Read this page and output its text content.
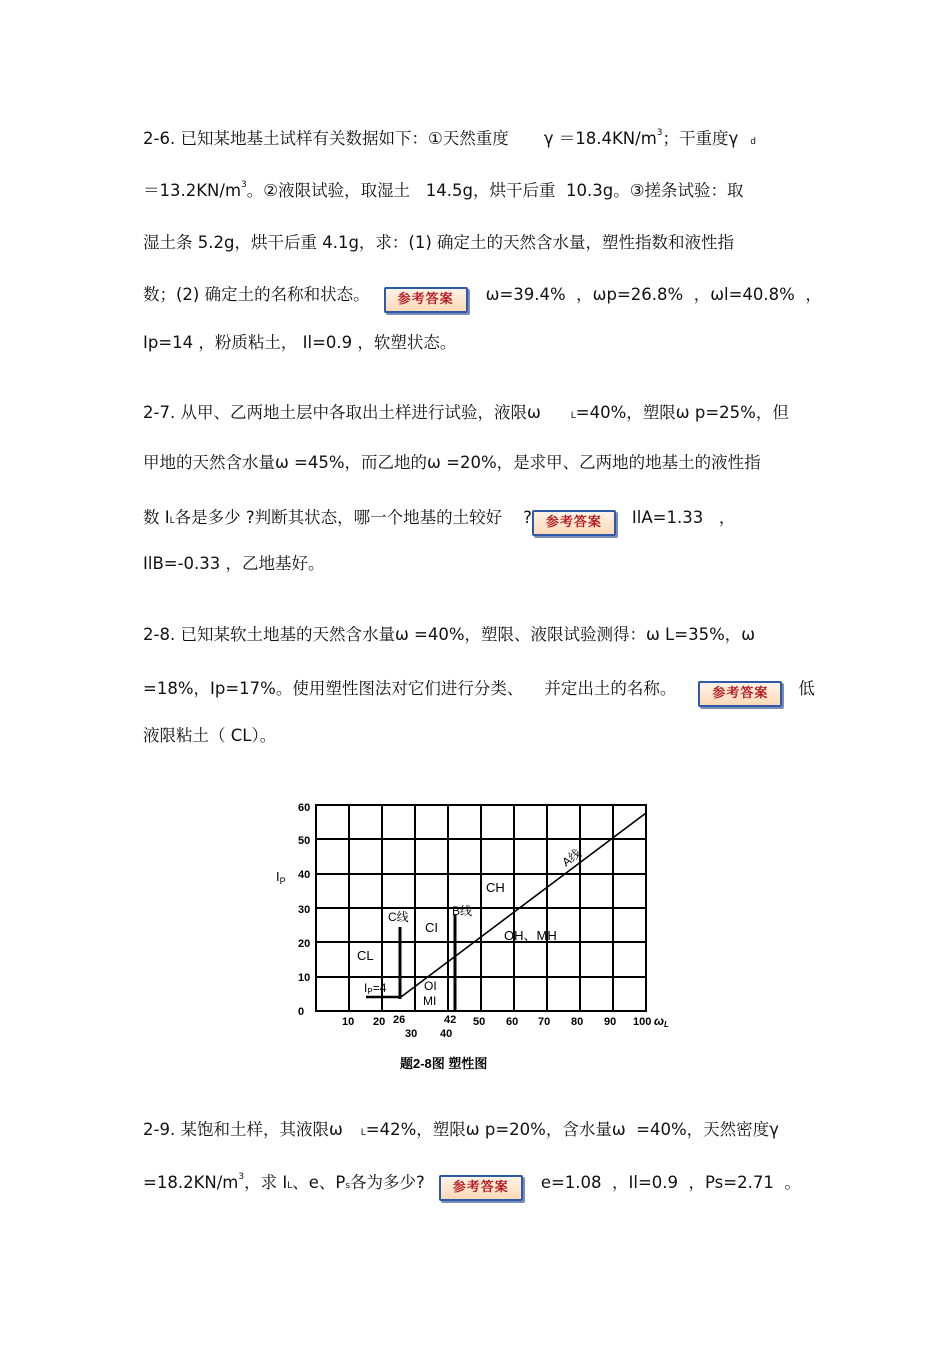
2-6. 已知某地基土试样有关数据如下：①天然重度 $\gamma =18.4KN/m^3$；干重度γ d
$=13.2KN/m^3$。②液限试验，取湿土   14.5g，烘干后重  10.3g。③搓条试验：取
湿土条 5.2g，烘干后重 4.1g，求：(1) 确定土的天然含水量，塑性指数和液性指
数；(2) 确定土的名称和状态。 参考答案 ω=39.4%  ，ωp=26.8%  ，ωl=40.8%  ，
Ip=14 ，粉质粘土， Il=0.9 ，软塑状态。
2-7. 从甲、乙两地土层中各取出土样进行试验，液限ω	L=40%，塑限ω p=25%，但
甲地的天然含水量ω =45%，而乙地的ω =20%，是求甲、乙两地的地基土的液性指
数 IL各是多少 ?判断其状态，哪一个地基的土较好    ? 参考答案 IlA=1.33   ，
IlB=-0.33 ，乙地基好。
2-8. 已知某软土地基的天然含水量ω =40%，塑限、液限试验测得：ω L=35%，ω
=18%，Ip=17%。使用塑性图法对它们进行分类、    并定出土的名称。	参考答案 低
液限粘土（ CL）。
60
50
40
30
20
10
0
10 20 26	42 50 60 70 80 90 100
30 40
$I_P$
ωL
A线
C线	B线
CH
CI
CL
OH、MH
OI
MI
IP=4
题2-8图 塑性图
2-9. 某饱和土样，其液限ω L=42%，塑限ω p=20%，含水量ω  =40%，天然密度γ
$=18.2KN/m^3$，求 IL、e、Ps各为多少? 参考答案 e=1.08  ，Il=0.9  ，Ps=2.71  。
